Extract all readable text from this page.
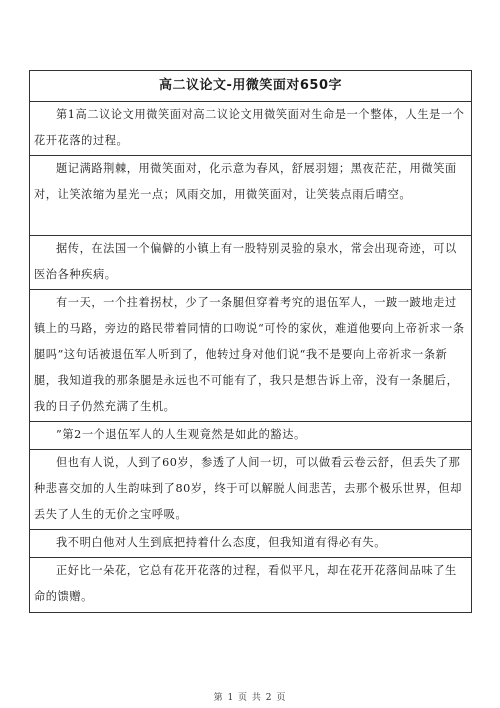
高二议论文-用微笑面对650字
第1高二议论文用微笑面对高二议论文用微笑面对生命是一个整体，人生是一个花开花落的过程。
题记满路荆棘，用微笑面对，化示意为春风，舒展羽翅；黑夜茫茫，用微笑面对，让笑浓缩为星光一点；风雨交加，用微笑面对，让笑装点雨后晴空。
据传，在法国一个偏僻的小镇上有一股特别灵验的泉水，常会出现奇迹，可以医治各种疾病。
有一天，一个拄着拐杖，少了一条腿但穿着考究的退伍军人，一跛一跛地走过镇上的马路，旁边的路民带着同情的口吻说“可怜的家伙，难道他要向上帝祈求一条腿吗”这句话被退伍军人听到了，他转过身对他们说“我不是要向上帝祈求一条新腿，我知道我的那条腿是永远也不可能有了，我只是想告诉上帝，没有一条腿后，我的日子仍然充满了生机。
”第2一个退伍军人的人生观竟然是如此的豁达。
但也有人说，人到了60岁，参透了人间一切，可以做看云卷云舒，但丢失了那种悲喜交加的人生韵味到了80岁，终于可以解脱人间悲苦，去那个极乐世界，但却丢失了人生的无价之宝呼吸。
我不明白他对人生到底把持着什么态度，但我知道有得必有失。
正好比一朵花，它总有花开花落的过程，看似平凡，却在花开花落间品味了生命的馈赠。
第 1 页 共 2 页
